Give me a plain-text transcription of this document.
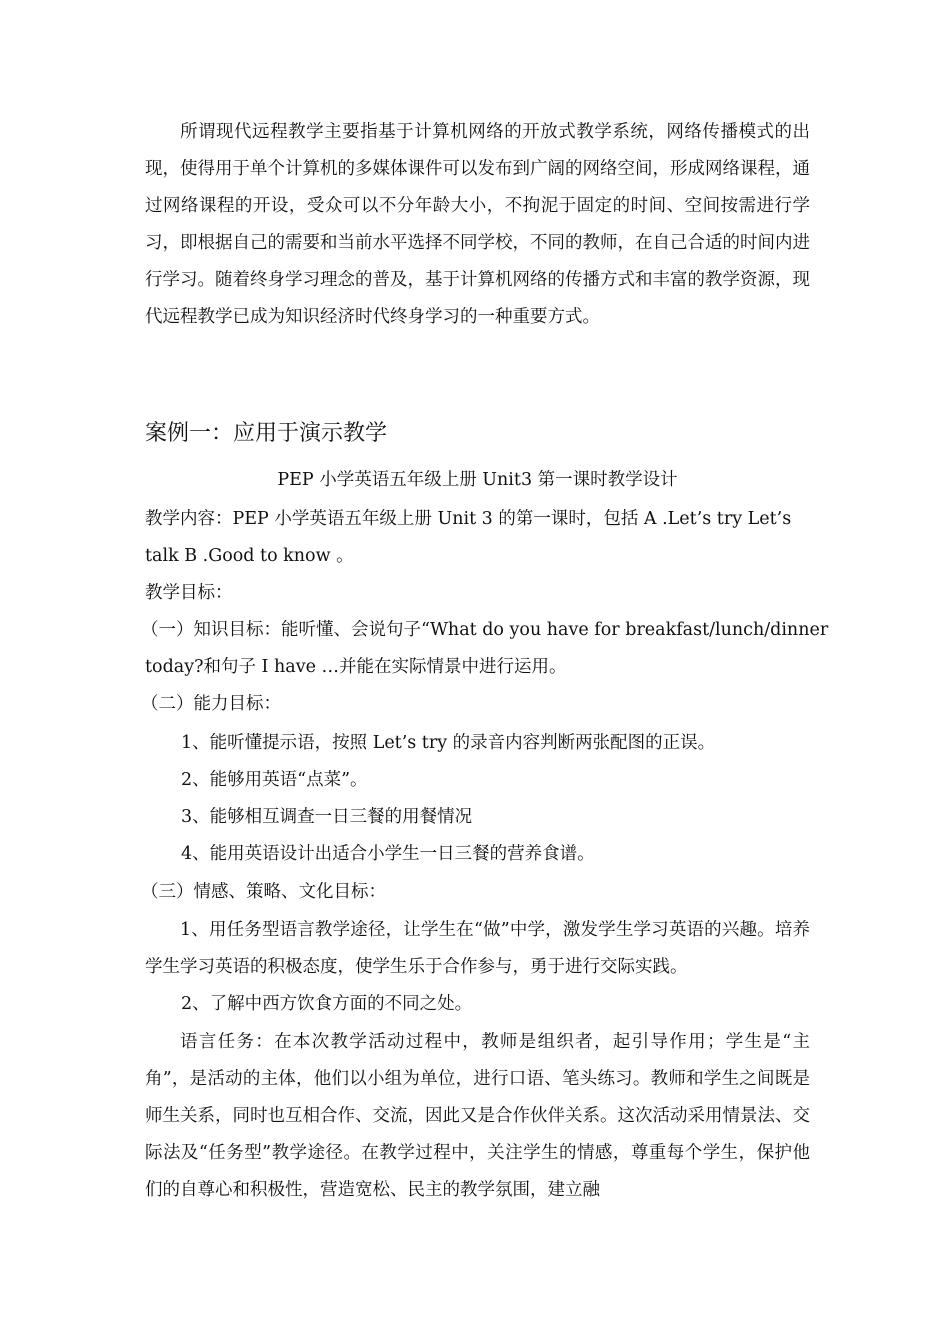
所谓现代远程教学主要指基于计算机网络的开放式教学系统，网络传播模式的出现，使得用于单个计算机的多媒体课件可以发布到广阔的网络空间，形成网络课程，通过网络课程的开设，受众可以不分年龄大小，不拘泥于固定的时间、空间按需进行学习，即根据自己的需要和当前水平选择不同学校，不同的教师，在自己合适的时间内进行学习。随着终身学习理念的普及，基于计算机网络的传播方式和丰富的教学资源，现代远程教学已成为知识经济时代终身学习的一种重要方式。

案例一：应用于演示教学

PEP 小学英语五年级上册 Unit3 第一课时教学设计

教学内容：PEP 小学英语五年级上册 Unit 3 的第一课时，包括 A .Let’s try Let’s

talk B .Good to know 。

教学目标：

（一）知识目标：能听懂、会说句子“What do you have for breakfast/lunch/dinner

today?和句子 I have …并能在实际情景中进行运用。

（二）能力目标：

1、能听懂提示语，按照 Let’s try 的录音内容判断两张配图的正误。

2、能够用英语“点菜”。

3、能够相互调查一日三餐的用餐情况

4、能用英语设计出适合小学生一日三餐的营养食谱。

（三）情感、策略、文化目标：

1、用任务型语言教学途径，让学生在“做”中学，激发学生学习英语的兴趣。培养学生学习英语的积极态度，使学生乐于合作参与，勇于进行交际实践。

2、了解中西方饮食方面的不同之处。

语言任务：在本次教学活动过程中，教师是组织者，起引导作用；学生是“主角”，是活动的主体，他们以小组为单位，进行口语、笔头练习。教师和学生之间既是师生关系，同时也互相合作、交流，因此又是合作伙伴关系。这次活动采用情景法、交际法及“任务型”教学途径。在教学过程中，关注学生的情感，尊重每个学生，保护他们的自尊心和积极性，营造宽松、民主的教学氛围，建立融
